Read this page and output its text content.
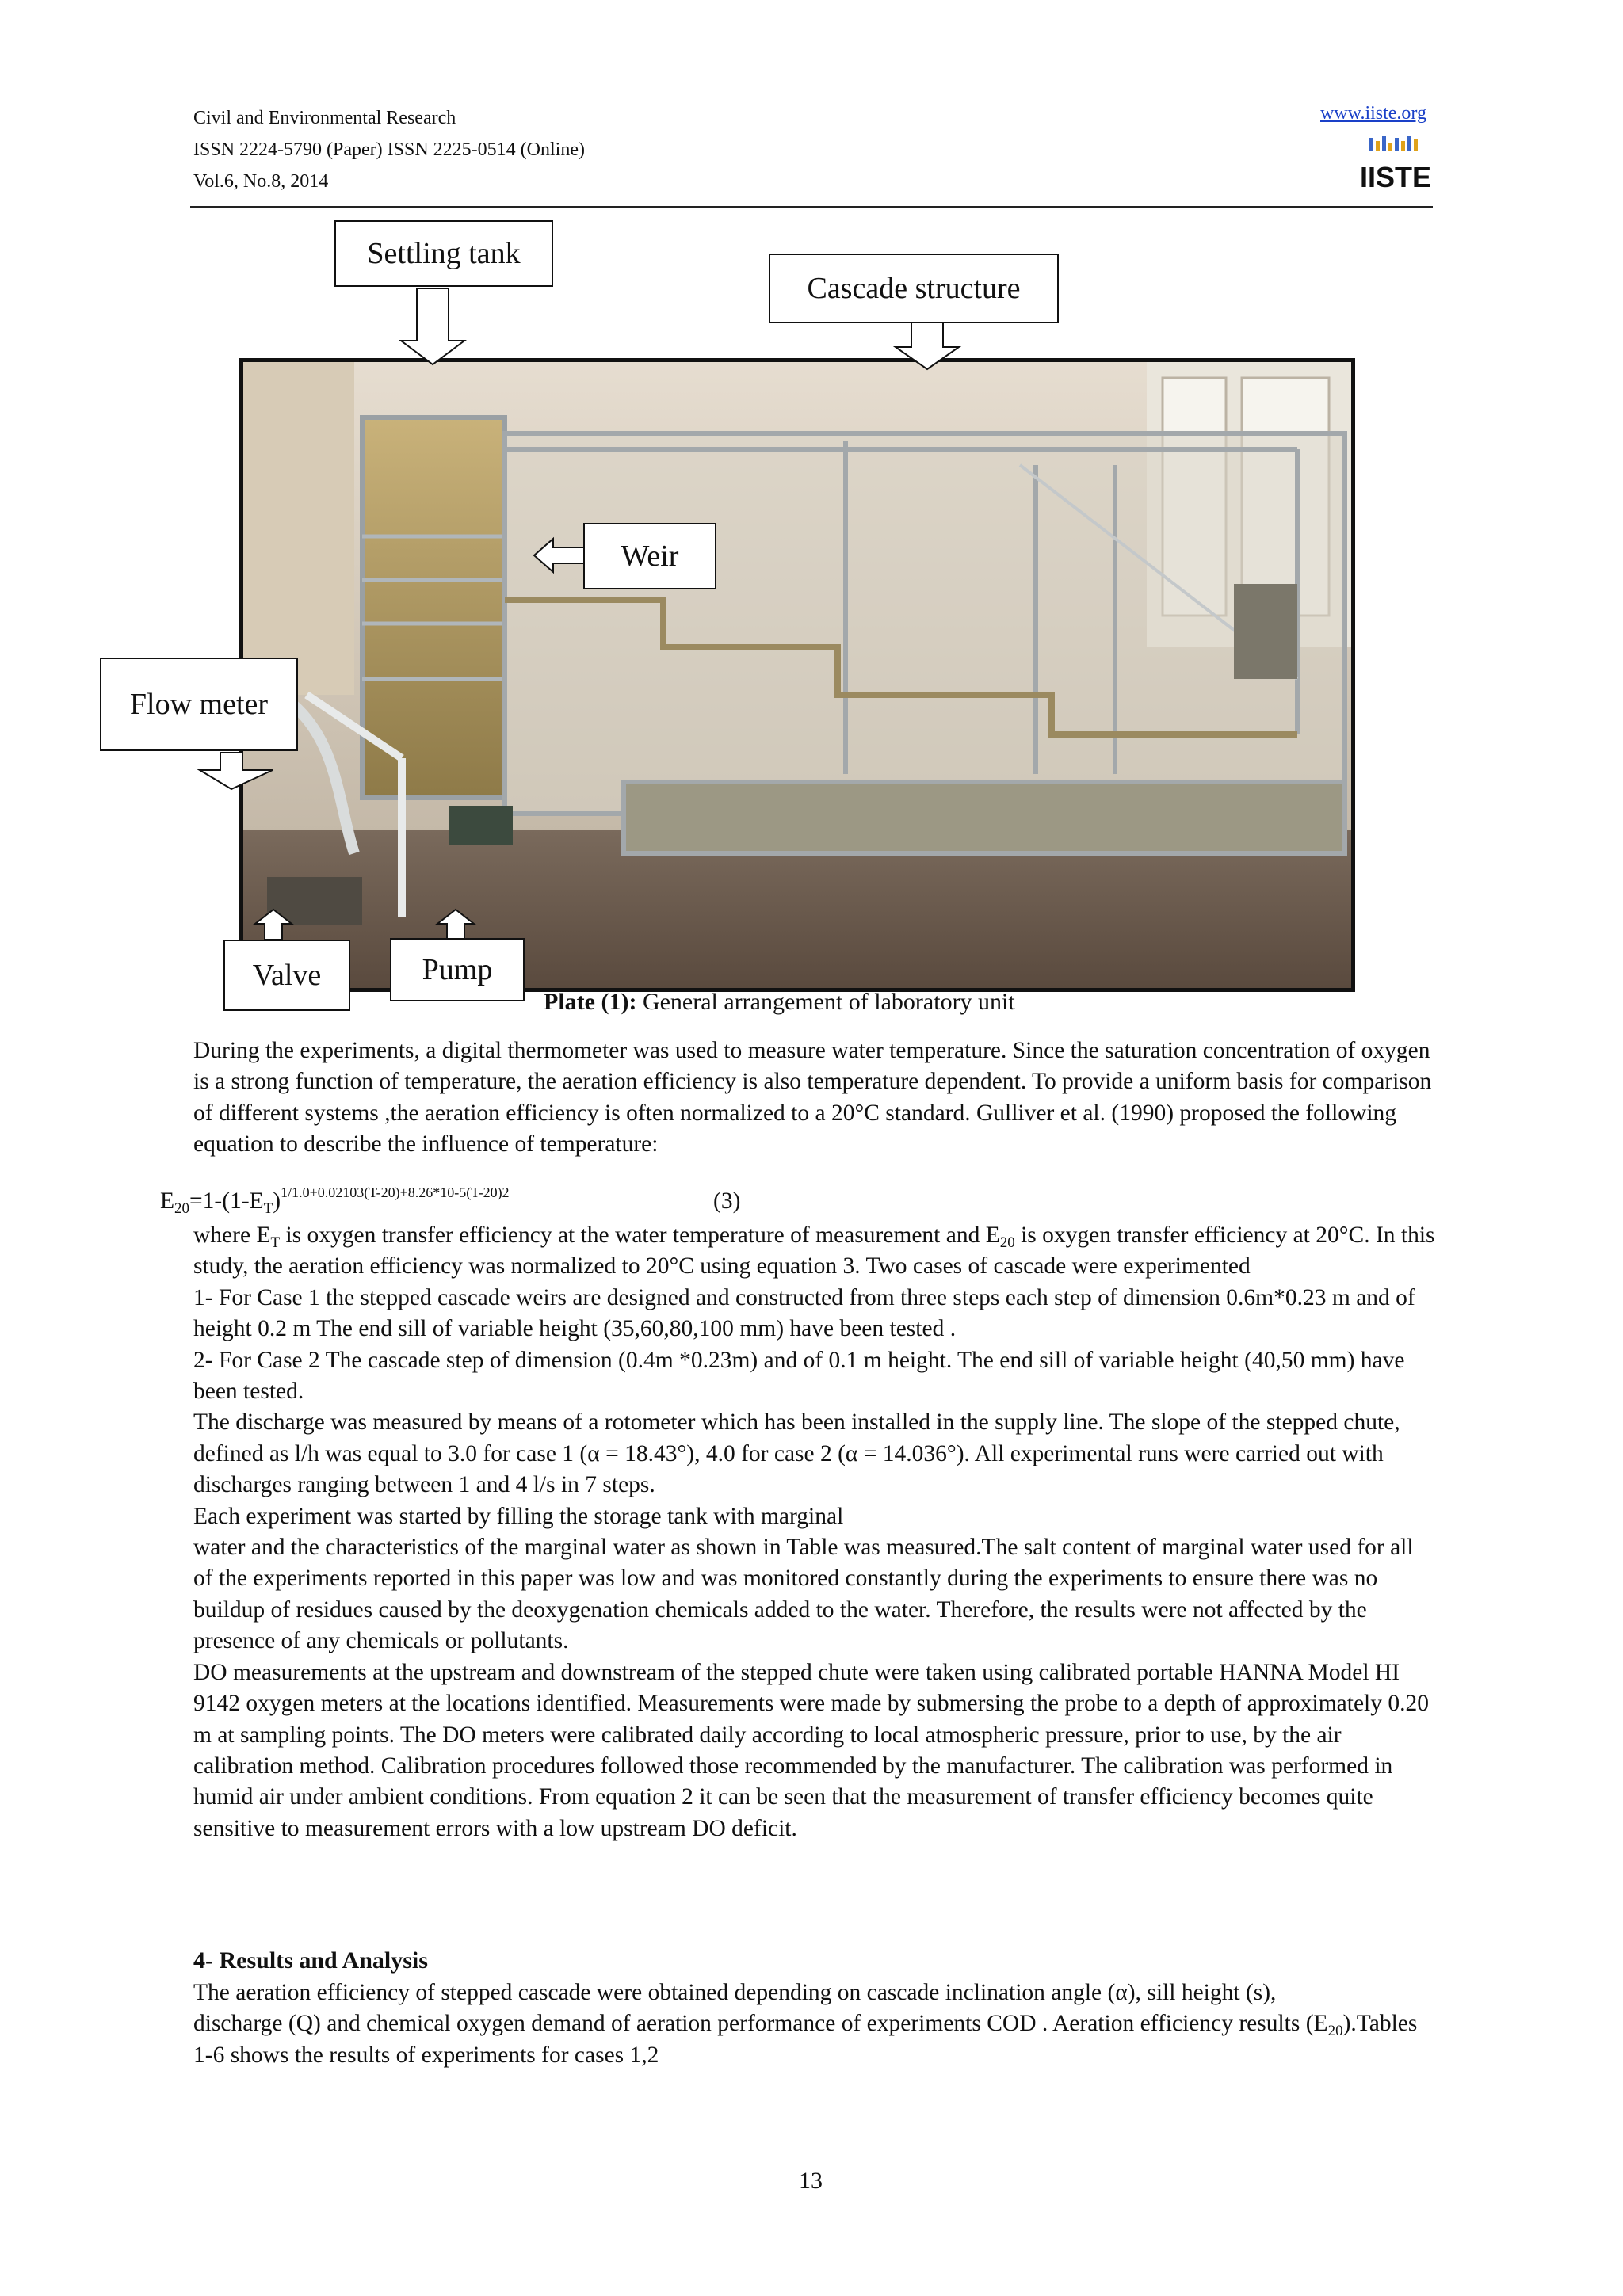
Civil and Environmental Research
ISSN 2224-5790 (Paper) ISSN 2225-0514 (Online)
Vol.6, No.8, 2014
www.iiste.org
IISTE
Settling tank
Cascade structure
Weir
Flow meter
Valve	Pump
Plate (1): General arrangement of laboratory unit

During the experiments, a digital thermometer was used to measure water temperature. Since the saturation concentration of oxygen is a strong function of temperature, the aeration efficiency is also temperature dependent. To provide a uniform basis for comparison of different systems ,the aeration efficiency is often normalized to a 20°C standard. Gulliver et al. (1990) proposed the following equation to describe the influence of temperature:

$E_{20}=1-(1-E_T)^{1/1.0+0.02103(T-20)+8.26*10-5(T-20)2}$	(3)

where $E_T$ is oxygen transfer efficiency at the water temperature of measurement and $E_{20}$ is oxygen transfer efficiency at 20°C. In this study, the aeration efficiency was normalized to 20°C using equation 3. Two cases of cascade were experimented

1- For Case 1 the stepped cascade weirs are designed and constructed from three steps each step of dimension 0.6m*0.23 m and of height 0.2 m The end sill of variable height (35,60,80,100 mm) have been tested .

2- For Case 2 The cascade step of dimension (0.4m *0.23m) and of 0.1 m height. The end sill of variable height (40,50 mm) have been tested.

The discharge was measured by means of a rotometer which has been installed in the supply line. The slope of the stepped chute, defined as l/h was equal to 3.0 for case 1 (α = 18.43°), 4.0 for case 2 (α = 14.036°). All experimental runs were carried out with discharges ranging between 1 and 4 l/s in 7 steps.

Each experiment was started by filling the storage tank with marginal

water and the characteristics of the marginal water as shown in Table was measured.The salt content of marginal water used for all of the experiments reported in this paper was low and was monitored constantly during the experiments to ensure there was no buildup of residues caused by the deoxygenation chemicals added to the water. Therefore, the results were not affected by the presence of any chemicals or pollutants.

DO measurements at the upstream and downstream of the stepped chute were taken using calibrated portable HANNA Model HI 9142 oxygen meters at the locations identified. Measurements were made by submersing the probe to a depth of approximately 0.20 m at sampling points. The DO meters were calibrated daily according to local atmospheric pressure, prior to use, by the air calibration method. Calibration procedures followed those recommended by the manufacturer. The calibration was performed in humid air under ambient conditions. From equation 2 it can be seen that the measurement of transfer efficiency becomes quite sensitive to measurement errors with a low upstream DO deficit.

4- Results and Analysis

The aeration efficiency of stepped cascade were obtained depending on cascade inclination angle (α), sill height (s),

discharge (Q) and chemical oxygen demand of aeration performance of experiments COD . Aeration efficiency results $(E_{20}).Tables$ 1-6 shows the results of experiments for cases 1,2

13
